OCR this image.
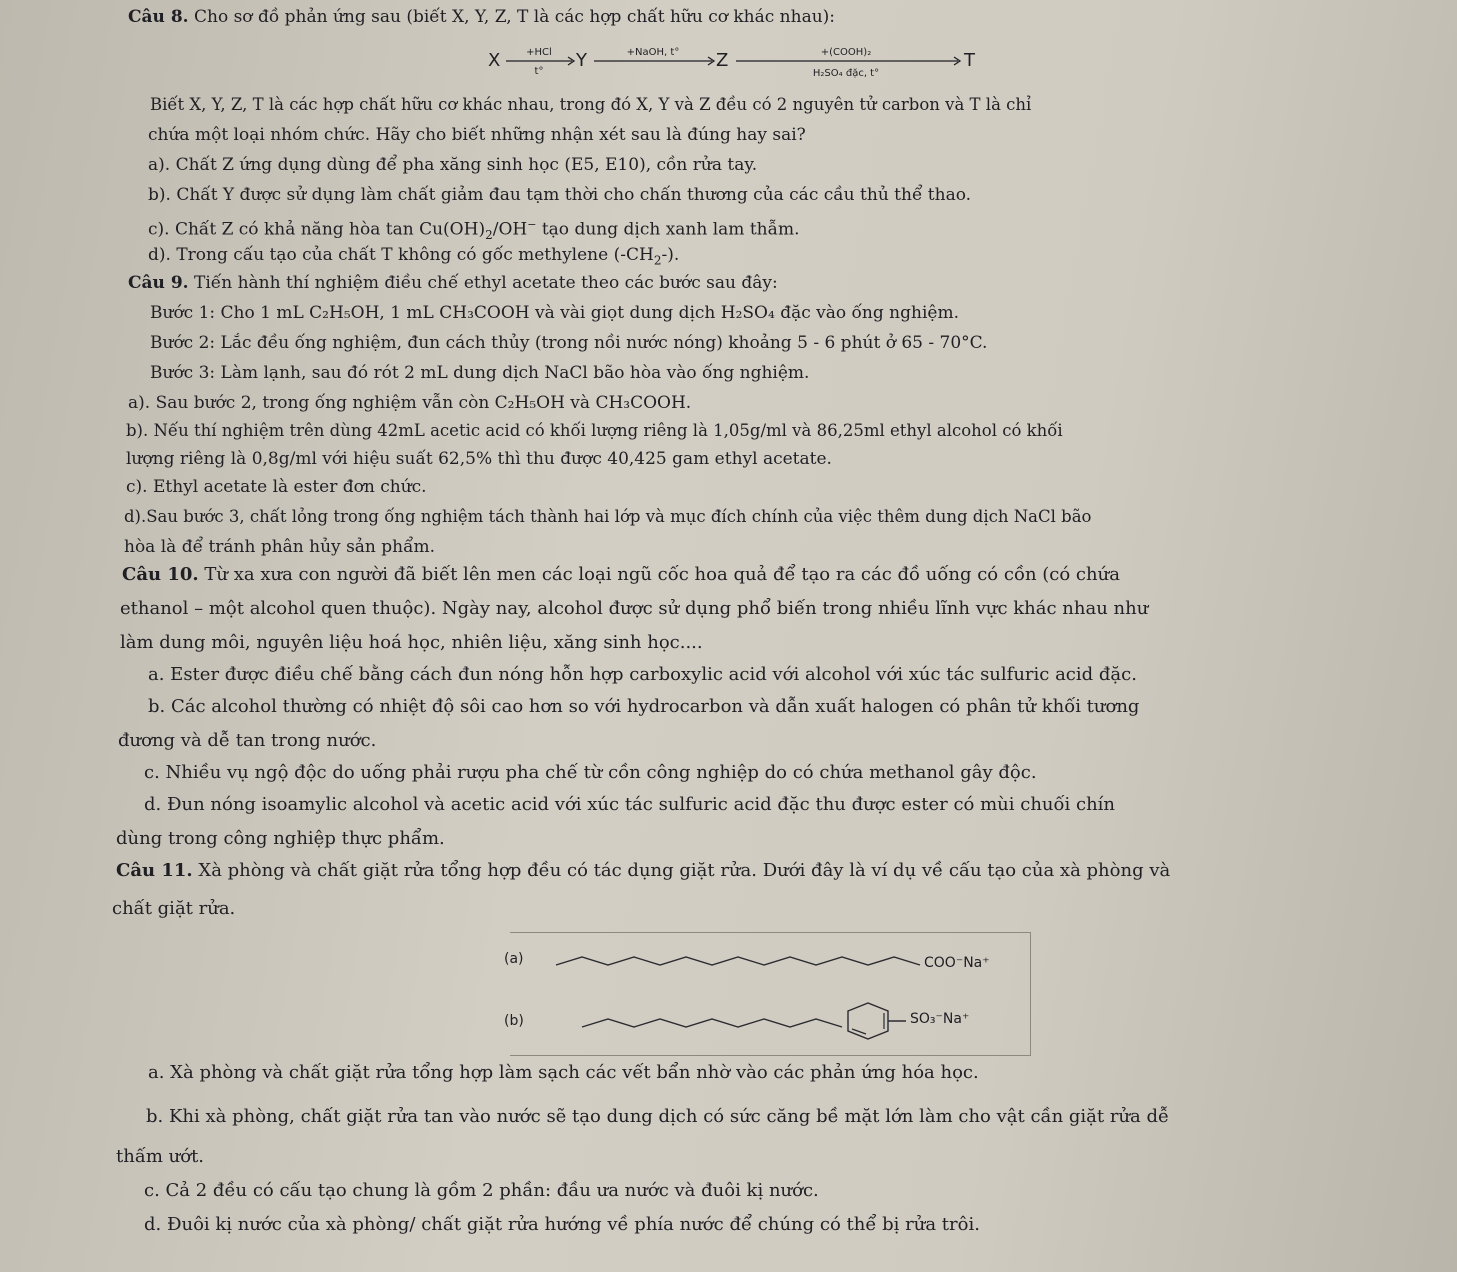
Câu 8. Cho sơ đồ phản ứng sau (biết X, Y, Z, T là các hợp chất hữu cơ khác nhau):
X	+HCl
t°
Y	+NaOH, t° Z	+(COOH)₂
H₂SO₄ đặc, t°
T
Biết X, Y, Z, T là các hợp chất hữu cơ khác nhau, trong đó X, Y và Z đều có 2 nguyên tử carbon và T là chỉ
chứa một loại nhóm chức. Hãy cho biết những nhận xét sau là đúng hay sai?
a). Chất Z ứng dụng dùng để pha xăng sinh học (E5, E10), cồn rửa tay.
b). Chất Y được sử dụng làm chất giảm đau tạm thời cho chấn thương của các cầu thủ thể thao.
c). Chất Z có khả năng hòa $\tan Cu(OH)_2/OH^-$ tạo dung dịch xanh lam thẫm.
d). Trong cấu tạo của chất T không có gốc methylene $(-CH_2-)$.
Câu 9. Tiến hành thí nghiệm điều chế ethyl acetate theo các bước sau đây:
Bước 1: Cho 1 mL C₂H₅OH, 1 mL CH₃COOH và vài giọt dung dịch H₂SO₄ đặc vào ống nghiệm.
Bước 2: Lắc đều ống nghiệm, đun cách thủy (trong nồi nước nóng) khoảng 5 - 6 phút ở 65 - 70°C.
Bước 3: Làm lạnh, sau đó rót 2 mL dung dịch NaCl bão hòa vào ống nghiệm.
a). Sau bước 2, trong ống nghiệm vẫn còn C₂H₅OH và CH₃COOH.
b). Nếu thí nghiệm trên dùng 42mL acetic acid có khối lượng riêng là 1,05g/ml và 86,25ml ethyl alcohol có khối
lượng riêng là 0,8g/ml với hiệu suất 62,5% thì thu được 40,425 gam ethyl acetate.
c). Ethyl acetate là ester đơn chức.
d).Sau bước 3, chất lỏng trong ống nghiệm tách thành hai lớp và mục đích chính của việc thêm dung dịch NaCl bão
hòa là để tránh phân hủy sản phẩm.
Câu 10. Từ xa xưa con người đã biết lên men các loại ngũ cốc hoa quả để tạo ra các đồ uống có cồn (có chứa
ethanol – một alcohol quen thuộc). Ngày nay, alcohol được sử dụng phổ biến trong nhiều lĩnh vực khác nhau như
làm dung môi, nguyên liệu hoá học, nhiên liệu, xăng sinh học....
a. Ester được điều chế bằng cách đun nóng hỗn hợp carboxylic acid với alcohol với xúc tác sulfuric acid đặc.
b. Các alcohol thường có nhiệt độ sôi cao hơn so với hydrocarbon và dẫn xuất halogen có phân tử khối tương
đương và dễ tan trong nước.
c. Nhiều vụ ngộ độc do uống phải rượu pha chế từ cồn công nghiệp do có chứa methanol gây độc.
d. Đun nóng isoamylic alcohol và acetic acid với xúc tác sulfuric acid đặc thu được ester có mùi chuối chín
dùng trong công nghiệp thực phẩm.
Câu 11. Xà phòng và chất giặt rửa tổng hợp đều có tác dụng giặt rửa. Dưới đây là ví dụ về cấu tạo của xà phòng và
chất giặt rửa.
(a)
(b)
COO⁻Na⁺
SO₃⁻Na⁺
a. Xà phòng và chất giặt rửa tổng hợp làm sạch các vết bẩn nhờ vào các phản ứng hóa học.
b. Khi xà phòng, chất giặt rửa tan vào nước sẽ tạo dung dịch có sức căng bề mặt lớn làm cho vật cần giặt rửa dễ
thấm ướt.
c. Cả 2 đều có cấu tạo chung là gồm 2 phần: đầu ưa nước và đuôi kị nước.
d. Đuôi kị nước của xà phòng/ chất giặt rửa hướng về phía nước để chúng có thể bị rửa trôi.
